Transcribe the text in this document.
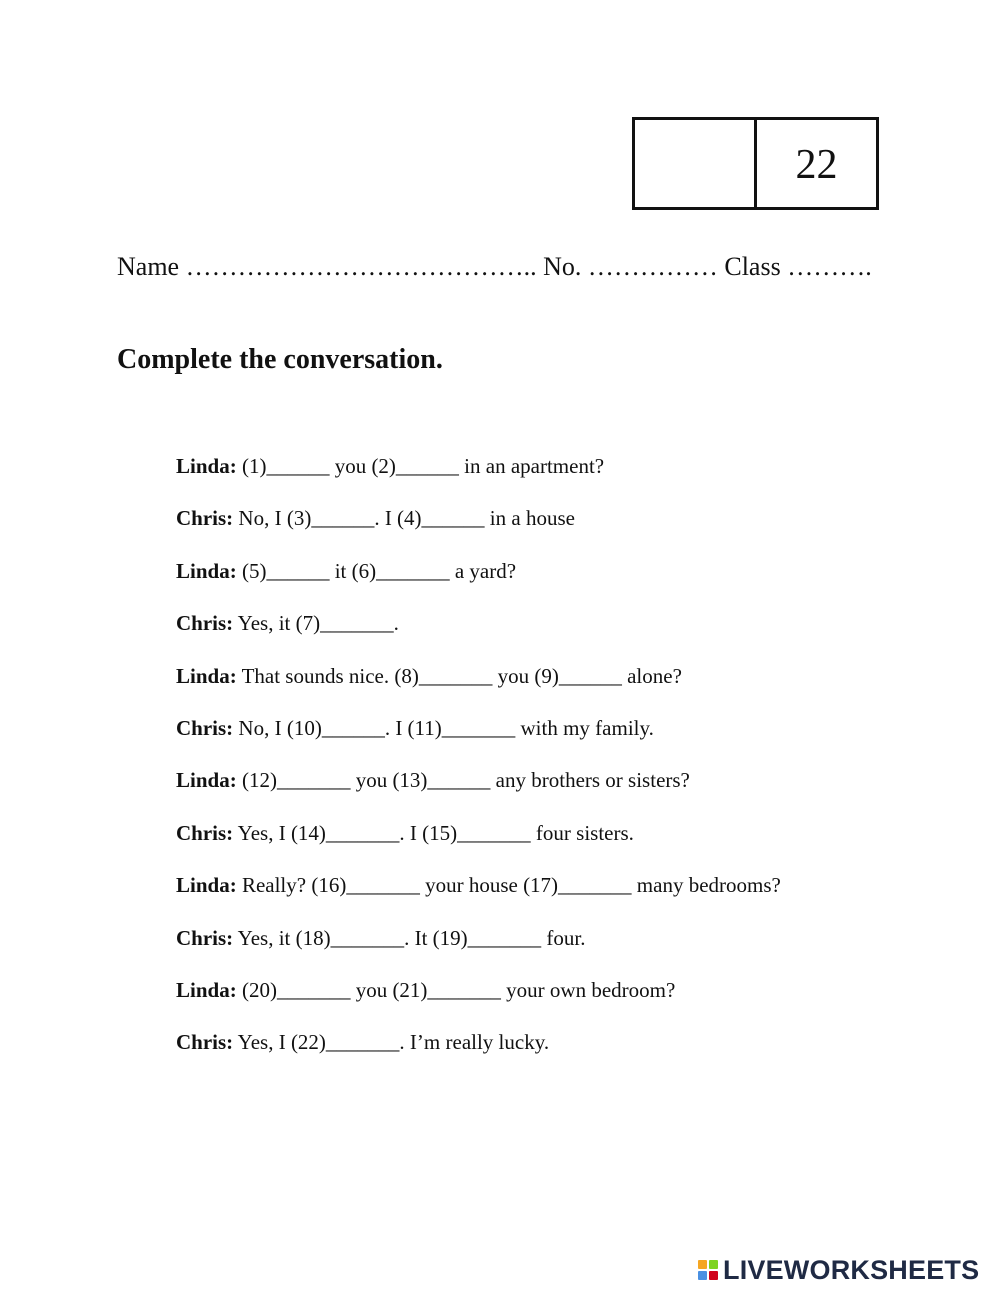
22
Name ………………………………….. No. …………… Class ……….
Complete the conversation.
Linda: (1)______ you (2)______ in an apartment?
Chris: No, I (3)______. I (4)______ in a house
Linda: (5)______ it (6)_______ a yard?
Chris: Yes, it (7)_______.
Linda: That sounds nice. (8)_______ you (9)______ alone?
Chris: No, I (10)______. I (11)_______ with my family.
Linda: (12)_______ you (13)______ any brothers or sisters?
Chris: Yes, I (14)_______. I (15)_______ four sisters.
Linda: Really? (16)_______ your house (17)_______ many bedrooms?
Chris: Yes, it (18)_______. It (19)_______ four.
Linda: (20)_______ you (21)_______ your own bedroom?
Chris: Yes, I (22)_______. I’m really lucky.
LIVEWORKSHEETS
